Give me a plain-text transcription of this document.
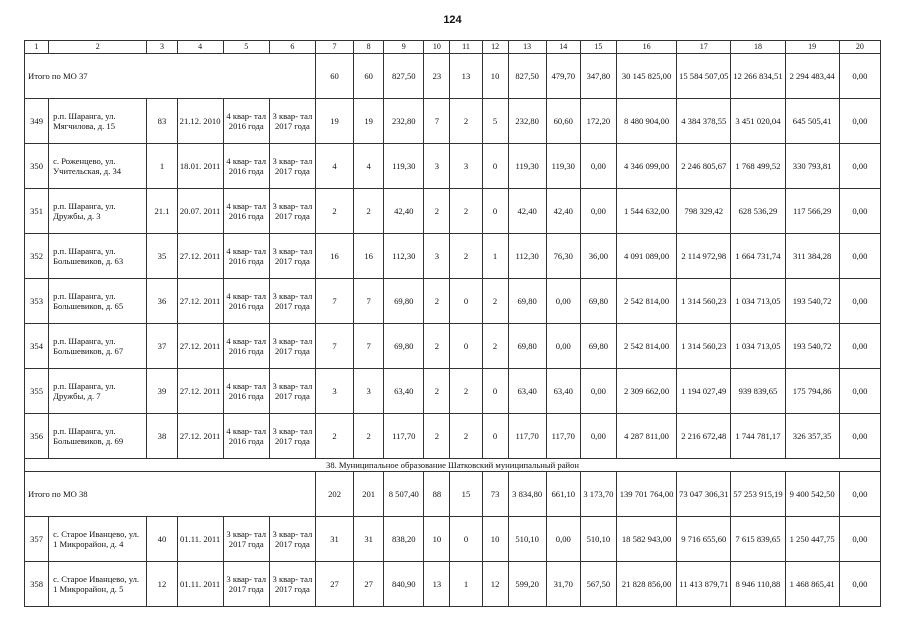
124
1	2	3	4	5	6	7	8	9	10	11	12	13	14	15	16	17	18	19	20
Итого по МО 37						60	60	827,50	23	13	10	827,50	479,70	347,80	30 145 825,00	15 584 507,05	12 266 834,51	2 294 483,44	0,00
349	р.п. Шаранга, ул. Мягчилова, д. 15	83	21.12. 2010	4 квар- тал 2016 года	3 квар- тал 2017 года	19	19	232,80	7	2	5	232,80	60,60	172,20	8 480 904,00	4 384 378,55	3 451 020,04	645 505,41	0,00
350	с. Роженцево, ул. Учительская, д. 34	1	18.01. 2011	4 квар- тал 2016 года	3 квар- тал 2017 года	4	4	119,30	3	3	0	119,30	119,30	0,00	4 346 099,00	2 246 805,67	1 768 499,52	330 793,81	0,00
351	р.п. Шаранга, ул. Дружбы, д. 3	21.1	20.07. 2011	4 квар- тал 2016 года	3 квар- тал 2017 года	2	2	42,40	2	2	0	42,40	42,40	0,00	1 544 632,00	798 329,42	628 536,29	117 566,29	0,00
352	р.п. Шаранга, ул. Большевиков, д. 63	35	27.12. 2011	4 квар- тал 2016 года	3 квар- тал 2017 года	16	16	112,30	3	2	1	112,30	76,30	36,00	4 091 089,00	2 114 972,98	1 664 731,74	311 384,28	0,00
353	р.п. Шаранга, ул. Большевиков, д. 65	36	27.12. 2011	4 квар- тал 2016 года	3 квар- тал 2017 года	7	7	69,80	2	0	2	69,80	0,00	69,80	2 542 814,00	1 314 560,23	1 034 713,05	193 540,72	0,00
354	р.п. Шаранга, ул. Большевиков, д. 67	37	27.12. 2011	4 квар- тал 2016 года	3 квар- тал 2017 года	7	7	69,80	2	0	2	69,80	0,00	69,80	2 542 814,00	1 314 560,23	1 034 713,05	193 540,72	0,00
355	р.п. Шаранга, ул. Дружбы, д. 7	39	27.12. 2011	4 квар- тал 2016 года	3 квар- тал 2017 года	3	3	63,40	2	2	0	63,40	63,40	0,00	2 309 662,00	1 194 027,49	939 839,65	175 794,86	0,00
356	р.п. Шаранга, ул. Большевиков, д. 69	38	27.12. 2011	4 квар- тал 2016 года	3 квар- тал 2017 года	2	2	117,70	2	2	0	117,70	117,70	0,00	4 287 811,00	2 216 672,48	1 744 781,17	326 357,35	0,00
38. Муниципальное образование Шатковский муниципальный район																			
Итого по МО 38						202	201	8 507,40	88	15	73	3 834,80	661,10	3 173,70	139 701 764,00	73 047 306,31	57 253 915,19	9 400 542,50	0,00
357	с. Старое Иванцево, ул. 1 Микрорайон, д. 4	40	01.11. 2011	3 квар- тал 2017 года	3 квар- тал 2017 года	31	31	838,20	10	0	10	510,10	0,00	510,10	18 582 943,00	9 716 655,60	7 615 839,65	1 250 447,75	0,00
358	с. Старое Иванцево, ул. 1 Микрорайон, д. 5	12	01.11. 2011	3 квар- тал 2017 года	3 квар- тал 2017 года	27	27	840,90	13	1	12	599,20	31,70	567,50	21 828 856,00	11 413 879,71	8 946 110,88	1 468 865,41	0,00
